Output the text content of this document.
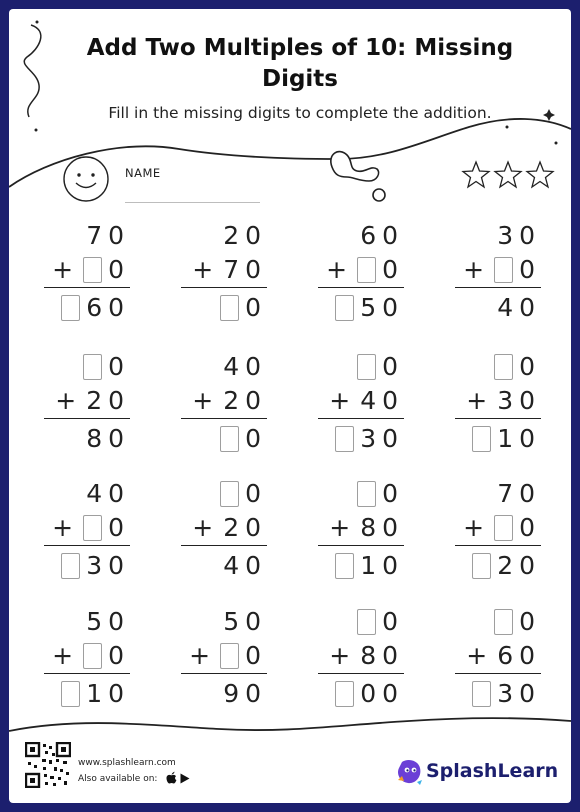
Add Two Multiples of 10: Missing Digits
Fill in the missing digits to complete the addition.
NAME
7 0
+ 0
6 0
2 0
+ 7 0
0
6 0
+ 0
5 0
3 0
+ 0
4 0
0
+ 2 0
8 0
4 0
+ 2 0
0
0
+ 4 0
3 0
0
+ 3 0
1 0
4 0
+ 0
3 0
0
+ 2 0
4 0
0
+ 8 0
1 0
7 0
+ 0
2 0
5 0
+ 0
1 0
5 0
+ 0
9 0
0
+ 8 0
0 0
0
+ 6 0
3 0
www.splashlearn.com
Also available on:	SplashLearn
